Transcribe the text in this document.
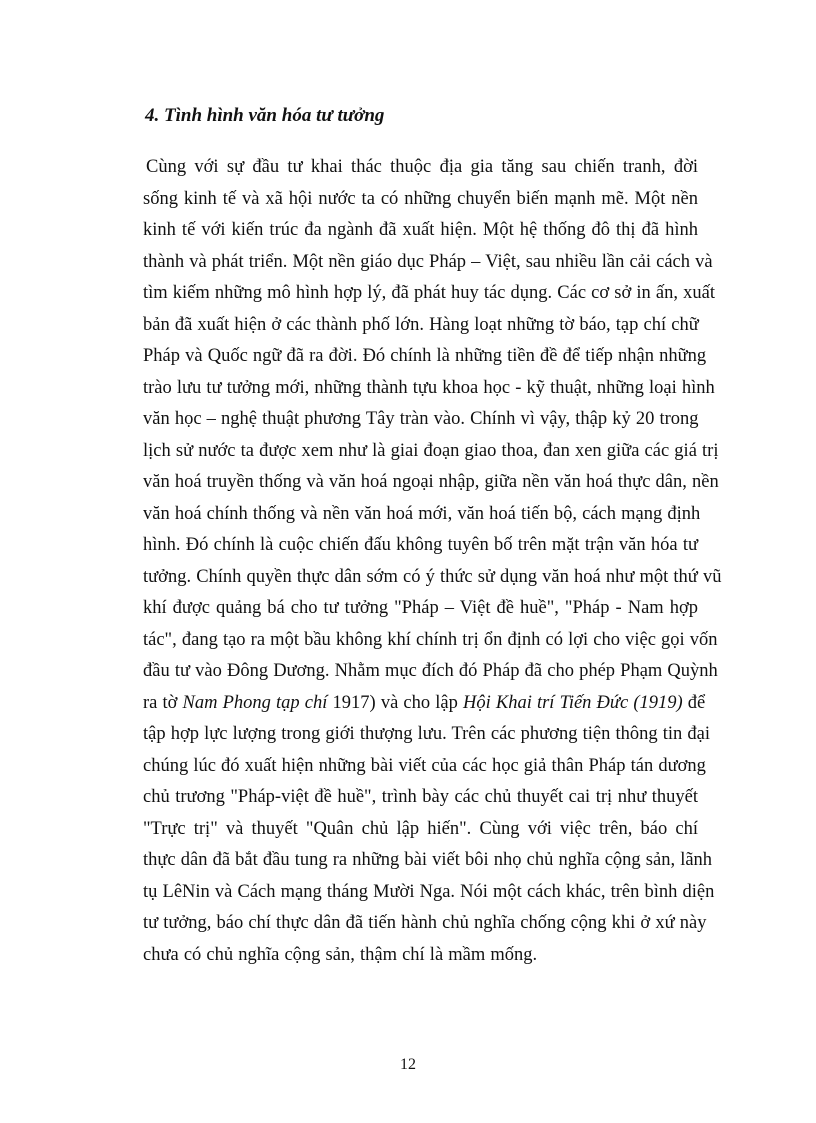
4. Tình hình văn hóa tư tưởng
Cùng với sự đầu tư khai thác thuộc địa gia tăng sau chiến tranh, đời
sống kinh tế và xã hội nước ta có những chuyển biến mạnh mẽ. Một nền
kinh tế với kiến trúc đa ngành đã xuất hiện. Một hệ thống đô thị đã hình
thành và phát triển. Một nền giáo dục Pháp – Việt, sau nhiều lần cải cách và
tìm kiếm những mô hình hợp lý, đã phát huy tác dụng. Các cơ sở in ấn, xuất
bản đã xuất hiện ở các thành phố lớn. Hàng loạt những tờ báo, tạp chí chữ
Pháp và Quốc ngữ đã ra đời. Đó chính là những tiền đề để tiếp nhận những
trào lưu tư tưởng mới, những thành tựu khoa học - kỹ thuật, những loại hình
văn học – nghệ thuật phương Tây tràn vào. Chính vì vậy, thập kỷ 20 trong
lịch sử nước ta được xem như là giai đoạn giao thoa, đan xen giữa các giá trị
văn hoá truyền thống và văn hoá ngoại nhập, giữa nền văn hoá thực dân, nền
văn hoá chính thống và nền văn hoá mới, văn hoá tiến bộ, cách mạng định
hình. Đó chính là cuộc chiến đấu không tuyên bố trên mặt trận văn hóa tư
tưởng. Chính quyền thực dân sớm có ý thức sử dụng văn hoá như một thứ vũ
khí được quảng bá cho tư tưởng "Pháp – Việt đề huề", "Pháp - Nam hợp
tác", đang tạo ra một bầu không khí chính trị ổn định có lợi cho việc gọi vốn
đầu tư vào Đông Dương. Nhằm mục đích đó Pháp đã cho phép Phạm Quỳnh
ra tờ Nam Phong tạp chí 1917) và cho lập Hội Khai trí Tiến Đức (1919) để
tập hợp lực lượng trong giới thượng lưu. Trên các phương tiện thông tin đại
chúng lúc đó xuất hiện những bài viết của các học giả thân Pháp tán dương
chủ trương "Pháp-việt đề huề", trình bày các chủ thuyết cai trị như thuyết
"Trực trị" và thuyết "Quân chủ lập hiến". Cùng với việc trên, báo chí
thực dân đã bắt đầu tung ra những bài viết bôi nhọ chủ nghĩa cộng sản, lãnh
tụ LêNin và Cách mạng tháng Mười Nga. Nói một cách khác, trên bình diện
tư tưởng, báo chí thực dân đã tiến hành chủ nghĩa chống cộng khi ở xứ này
chưa có chủ nghĩa cộng sản, thậm chí là mầm mống.

12
